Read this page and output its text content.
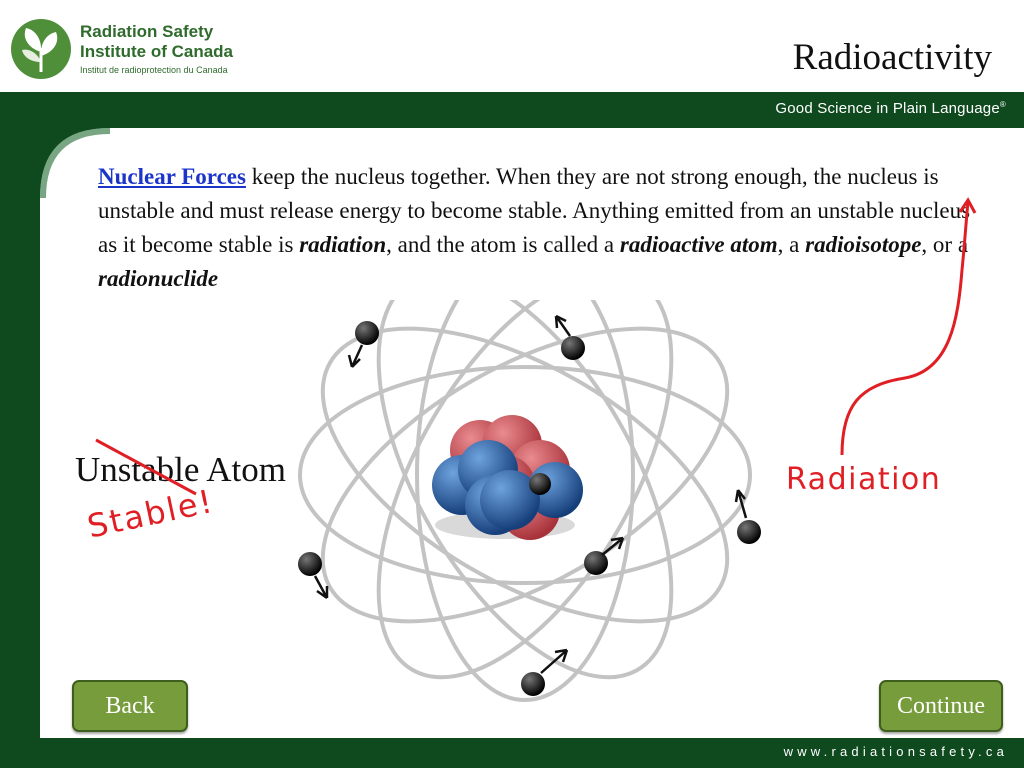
Radiation Safety
Institute of Canada
Institut de radioprotection du Canada	Radioactivity
Good Science in Plain Language®
www.radiationsafety.ca
Nuclear Forces keep the nucleus together. When they are not strong enough, the nucleus is unstable and must release energy to become stable. Anything emitted from an unstable nucleus as it become stable is radiation, and the atom is called a radioactive atom, a radioisotope, or a radionuclide
Unstable Atom
Stable!
Radiation
Back	Continue
